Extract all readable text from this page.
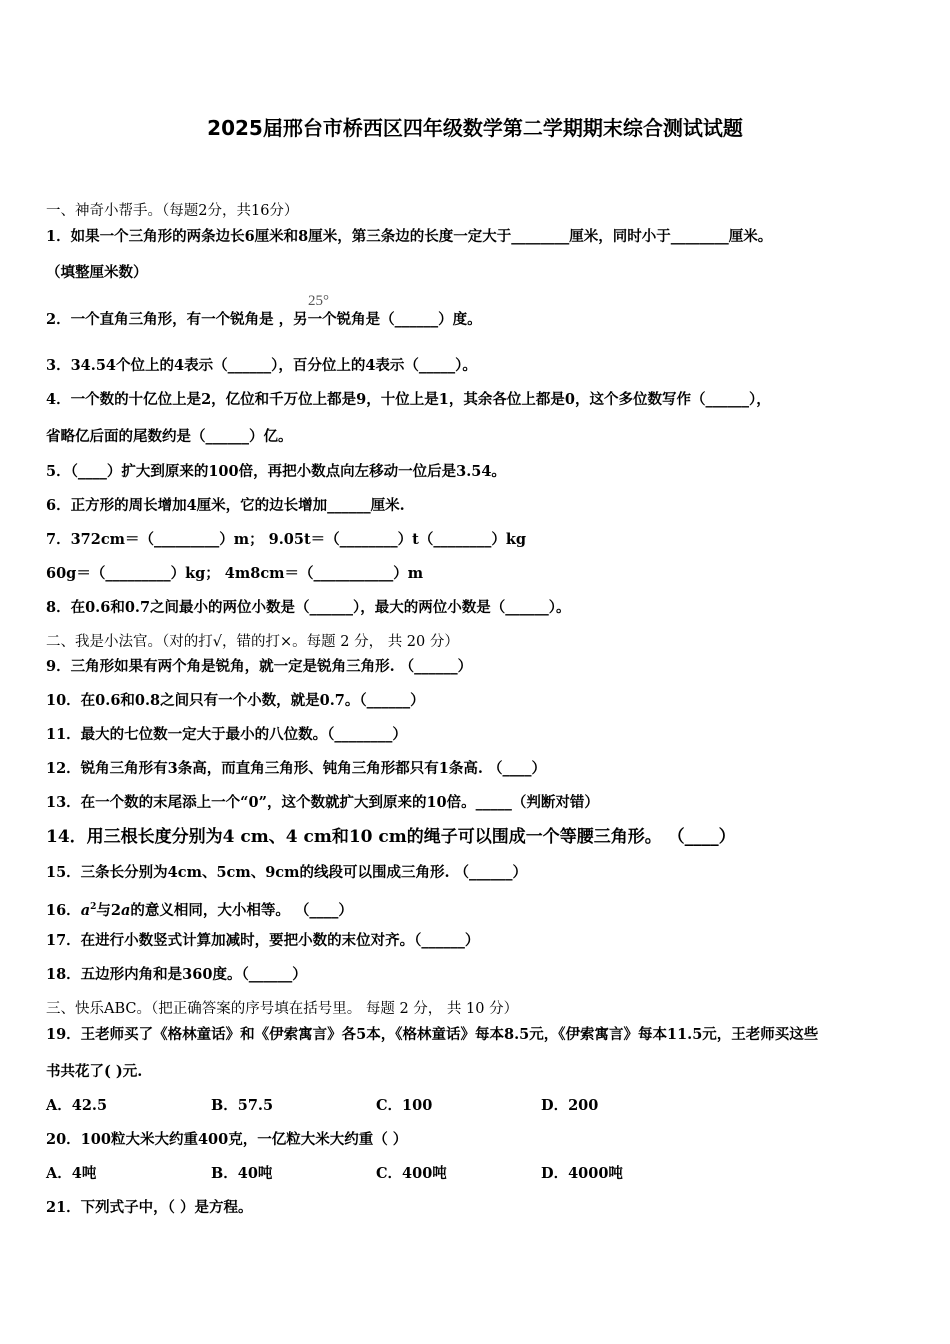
2025届邢台市桥西区四年级数学第二学期期末综合测试试题
一、神奇小帮手。（每题2分，共16分）
1．如果一个三角形的两条边长6厘米和8厘米，第三条边的长度一定大于________厘米，同时小于________厘米。
（填整厘米数）
2．一个直角三角形，有一个锐角是 ，另一个锐角是（______）度。
25°
3．34.54个位上的4表示（______），百分位上的4表示（_____）。
4．一个数的十亿位上是2，亿位和千万位上都是9，十位上是1，其余各位上都是0，这个多位数写作（______），
省略亿后面的尾数约是（______）亿。
5．（____）扩大到原来的100倍，再把小数点向左移动一位后是3.54。
6．正方形的周长增加4厘米，它的边长增加______厘米.
7．372cm＝（_________）m； 9.05t＝（________）t（________）kg
60g＝（_________）kg； 4m8cm＝（___________）m
8．在0.6和0.7之间最小的两位小数是（______），最大的两位小数是（______）。
二、我是小法官。（对的打√，错的打×。每题 2 分， 共 20 分）
9．三角形如果有两个角是锐角，就一定是锐角三角形. （______）
10．在0.6和0.8之间只有一个小数，就是0.7。（______）
11．最大的七位数一定大于最小的八位数。（________）
12．锐角三角形有3条高，而直角三角形、钝角三角形都只有1条高. （____）
13．在一个数的末尾添上一个“0”，这个数就扩大到原来的10倍。_____（判断对错）
14．用三根长度分别为4 cm、4 cm和10 cm的绳子可以围成一个等腰三角形。 （____）
15．三条长分别为4cm、5cm、9cm的线段可以围成三角形. （______）
16．$a^2$与2a的意义相同，大小相等。 （____）
17．在进行小数竖式计算加减时，要把小数的末位对齐。（______）
18．五边形内角和是360度。（______）
三、快乐ABC。（把正确答案的序号填在括号里。 每题 2 分， 共 10 分）
19．王老师买了《格林童话》和《伊索寓言》各5本，《格林童话》每本8.5元，《伊索寓言》每本11.5元，王老师买这些
书共花了( )元.
A．42.5	B．57.5	C．100	D．200
20．100粒大米大约重400克，一亿粒大米大约重（ ）
A．4吨	B．40吨	C．400吨	D．4000吨
21．下列式子中，（ ）是方程。
